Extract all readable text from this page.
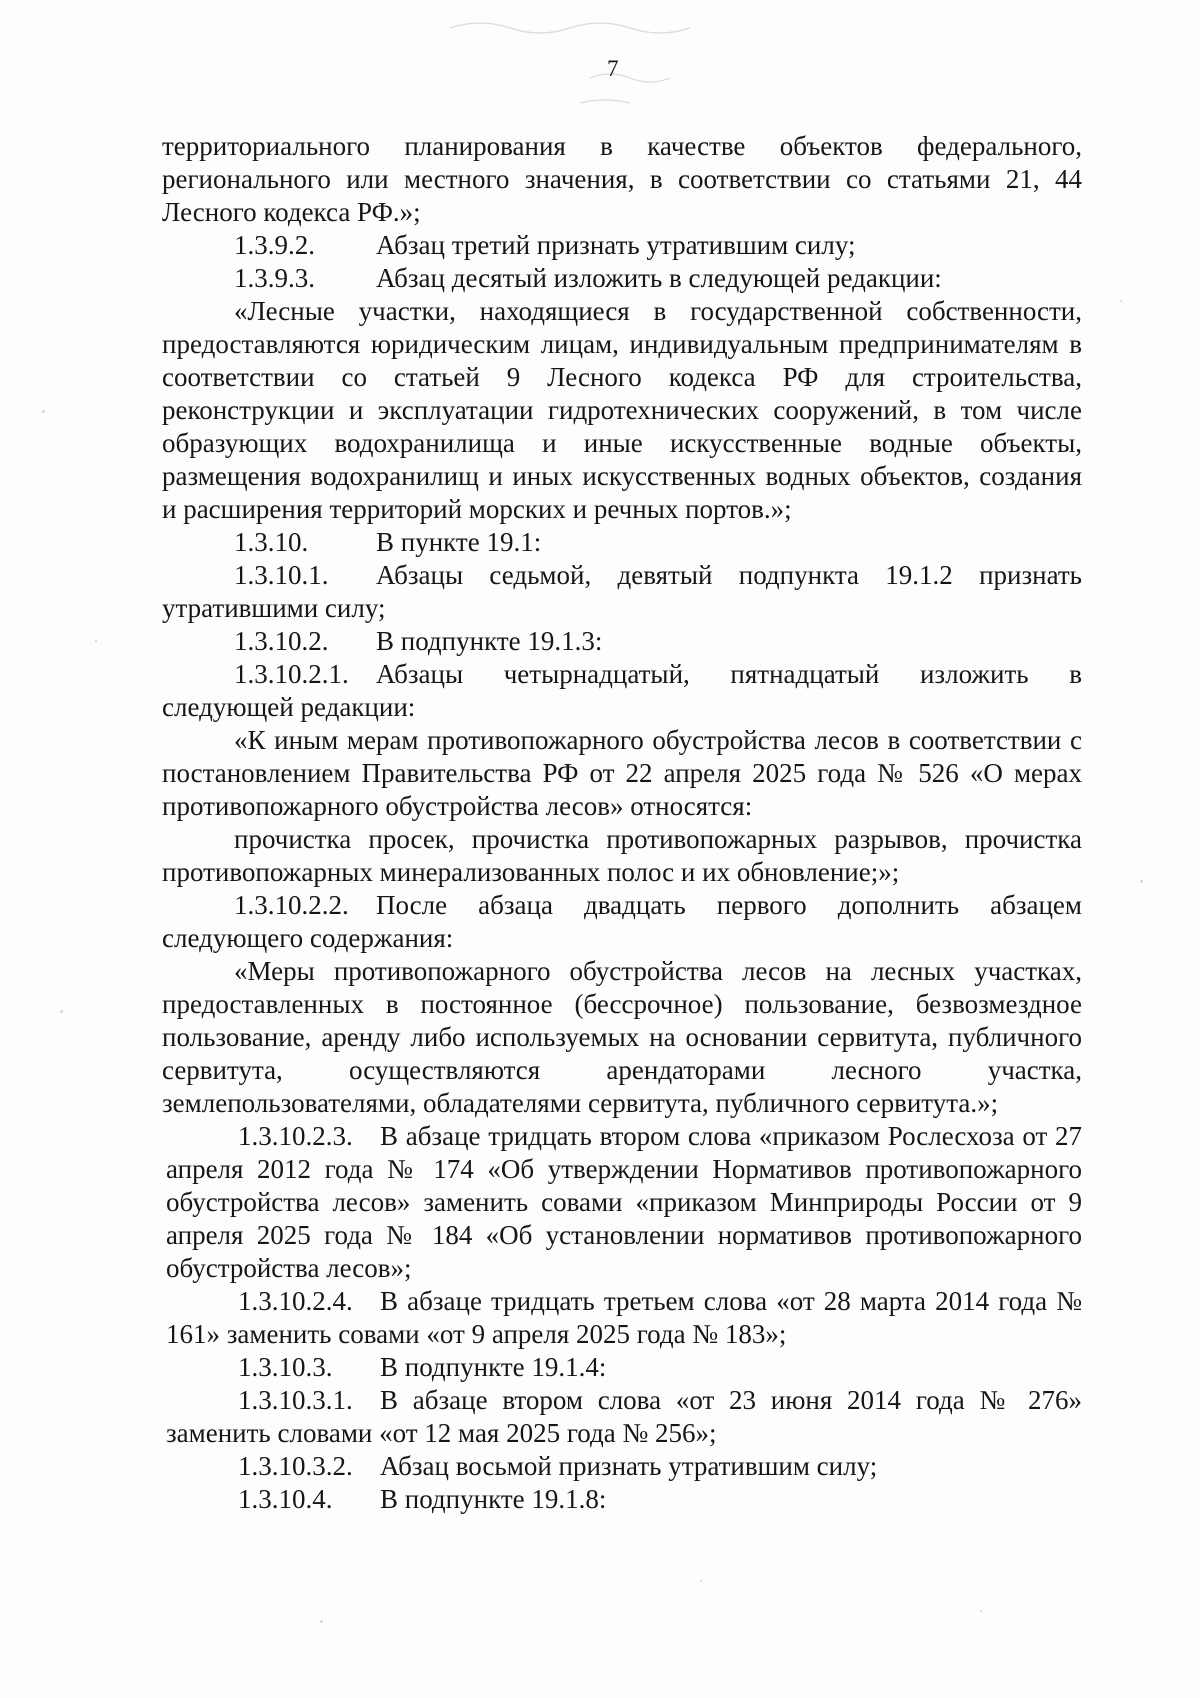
7

территориального планирования в качестве объектов федерального, регионального или местного значения, в соответствии со статьями 21, 44 Лесного кодекса РФ.»;

1.3.9.2. Абзац третий признать утратившим силу;

1.3.9.3. Абзац десятый изложить в следующей редакции:

«Лесные участки, находящиеся в государственной собственности, предоставляются юридическим лицам, индивидуальным предпринимателям в соответствии со статьей 9 Лесного кодекса РФ для строительства, реконструкции и эксплуатации гидротехнических сооружений, в том числе образующих водохранилища и иные искусственные водные объекты, размещения водохранилищ и иных искусственных водных объектов, создания и расширения территорий морских и речных портов.»;

1.3.10.	В пункте 19.1:

1.3.10.1. Абзацы седьмой, девятый подпункта 19.1.2 признать утратившими силу;

1.3.10.2. В подпункте 19.1.3:

1.3.10.2.1. Абзацы четырнадцатый, пятнадцатый изложить в следующей редакции:

«К иным мерам противопожарного обустройства лесов в соответствии с постановлением Правительства РФ от 22 апреля 2025 года № 526 «О мерах противопожарного обустройства лесов» относятся:

прочистка просек, прочистка противопожарных разрывов, прочистка противопожарных минерализованных полос и их обновление;»;

1.3.10.2.2. После абзаца двадцать первого дополнить абзацем следующего содержания:

«Меры противопожарного обустройства лесов на лесных участках, предоставленных в постоянное (бессрочное) пользование, безвозмездное пользование, аренду либо используемых на основании сервитута, публичного сервитута, осуществляются арендаторами лесного участка, землепользователями, обладателями сервитута, публичного сервитута.»;

1.3.10.2.3. В абзаце тридцать втором слова «приказом Рослесхоза от 27 апреля 2012 года № 174 «Об утверждении Нормативов противопожарного обустройства лесов» заменить совами «приказом Минприроды России от 9 апреля 2025 года № 184 «Об установлении нормативов противопожарного обустройства лесов»;

1.3.10.2.4. В абзаце тридцать третьем слова «от 28 марта 2014 года № 161» заменить совами «от 9 апреля 2025 года № 183»;

1.3.10.3. В подпункте 19.1.4:

1.3.10.3.1. В абзаце втором слова «от 23 июня 2014 года № 276» заменить словами «от 12 мая 2025 года № 256»;

1.3.10.3.2. Абзац восьмой признать утратившим силу;

1.3.10.4. В подпункте 19.1.8:
